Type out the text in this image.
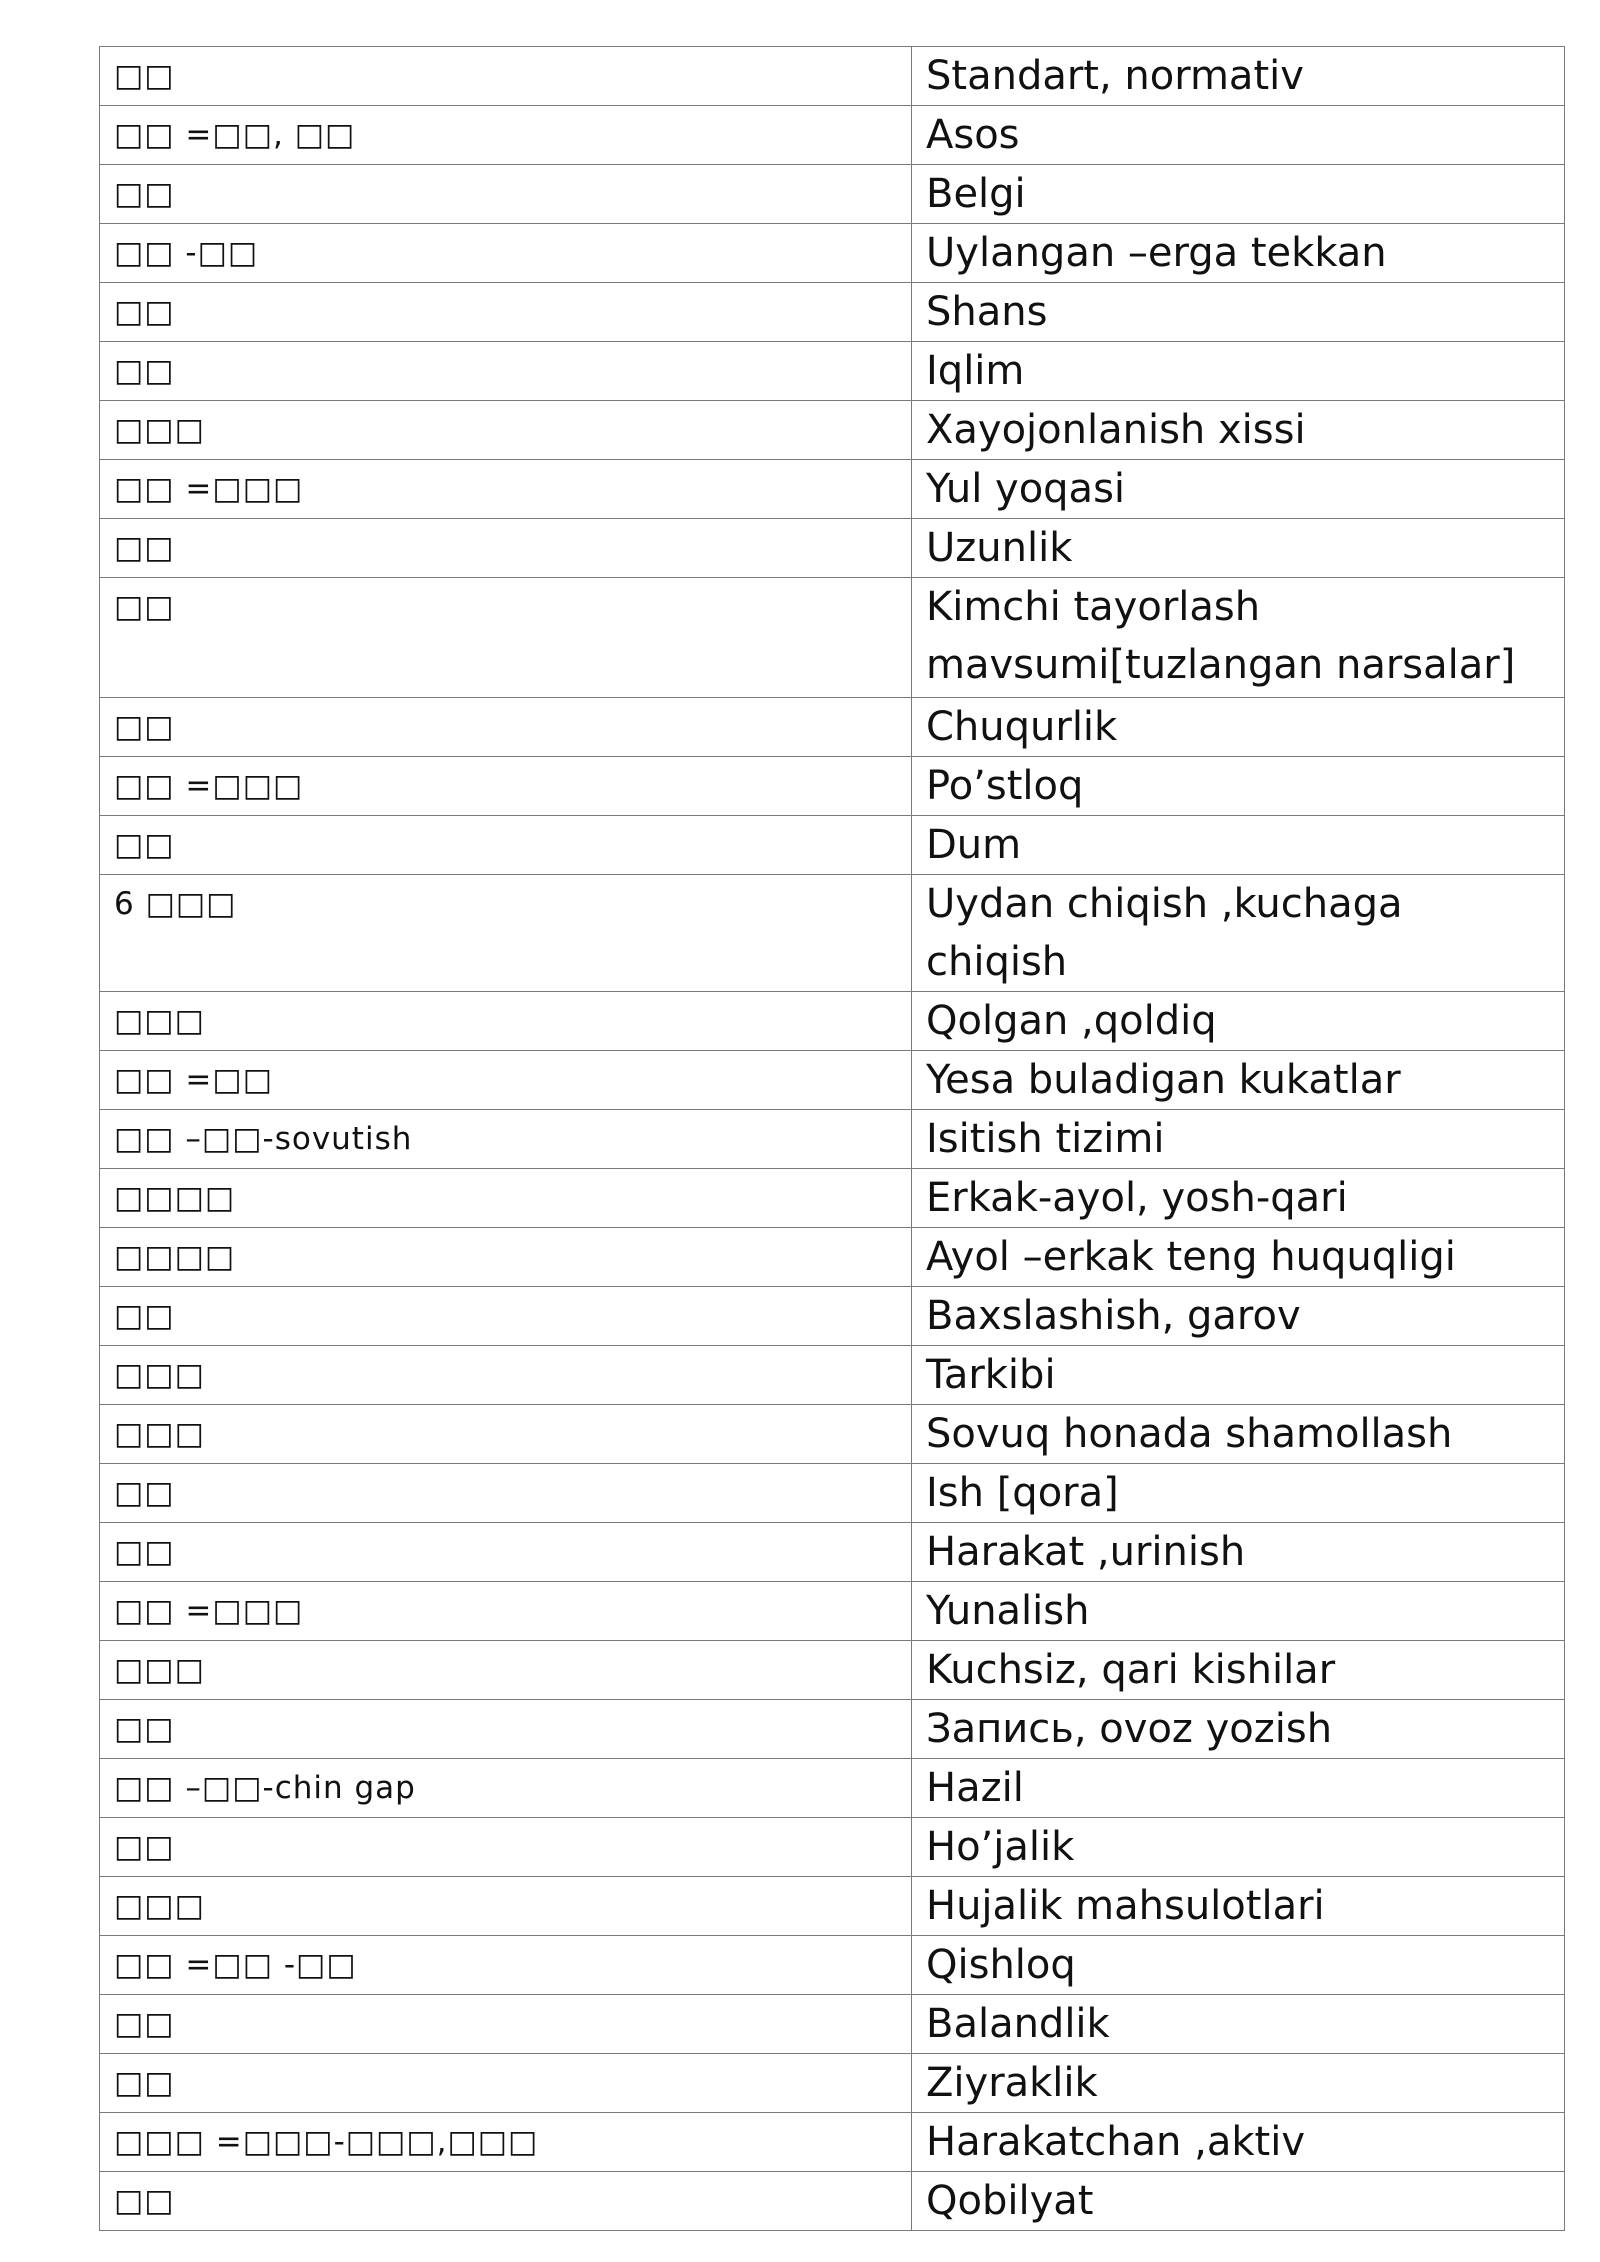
□□	Standart, normativ
□□ =□□, □□	Asos
□□	Belgi
□□ -□□	Uylangan –erga tekkan
□□	Shans
□□	Iqlim
□□□	Xayojonlanish xissi
□□ =□□□	Yul yoqasi
□□	Uzunlik
□□	Kimchi tayorlash mavsumi[tuzlangan narsalar]
□□	Chuqurlik
□□ =□□□	Po’stloq
□□	Dum
6 □□□	Uydan chiqish ,kuchaga chiqish
□□□	Qolgan ,qoldiq
□□ =□□	Yesa buladigan kukatlar
□□ –□□-sovutish	Isitish tizimi
□□□□	Erkak-ayol, yosh-qari
□□□□	Ayol –erkak teng huquqligi
□□	Baxslashish, garov
□□□	Tarkibi
□□□	Sovuq honada shamollash
□□	Ish [qora]
□□	Harakat ,urinish
□□ =□□□	Yunalish
□□□	Kuchsiz, qari kishilar
□□	Запись, ovoz yozish
□□ –□□-chin gap	Hazil
□□	Ho’jalik
□□□	Hujalik mahsulotlari
□□ =□□ -□□	Qishloq
□□	Balandlik
□□	Ziyraklik
□□□ =□□□-□□□,□□□	Harakatchan ,aktiv
□□	Qobilyat
